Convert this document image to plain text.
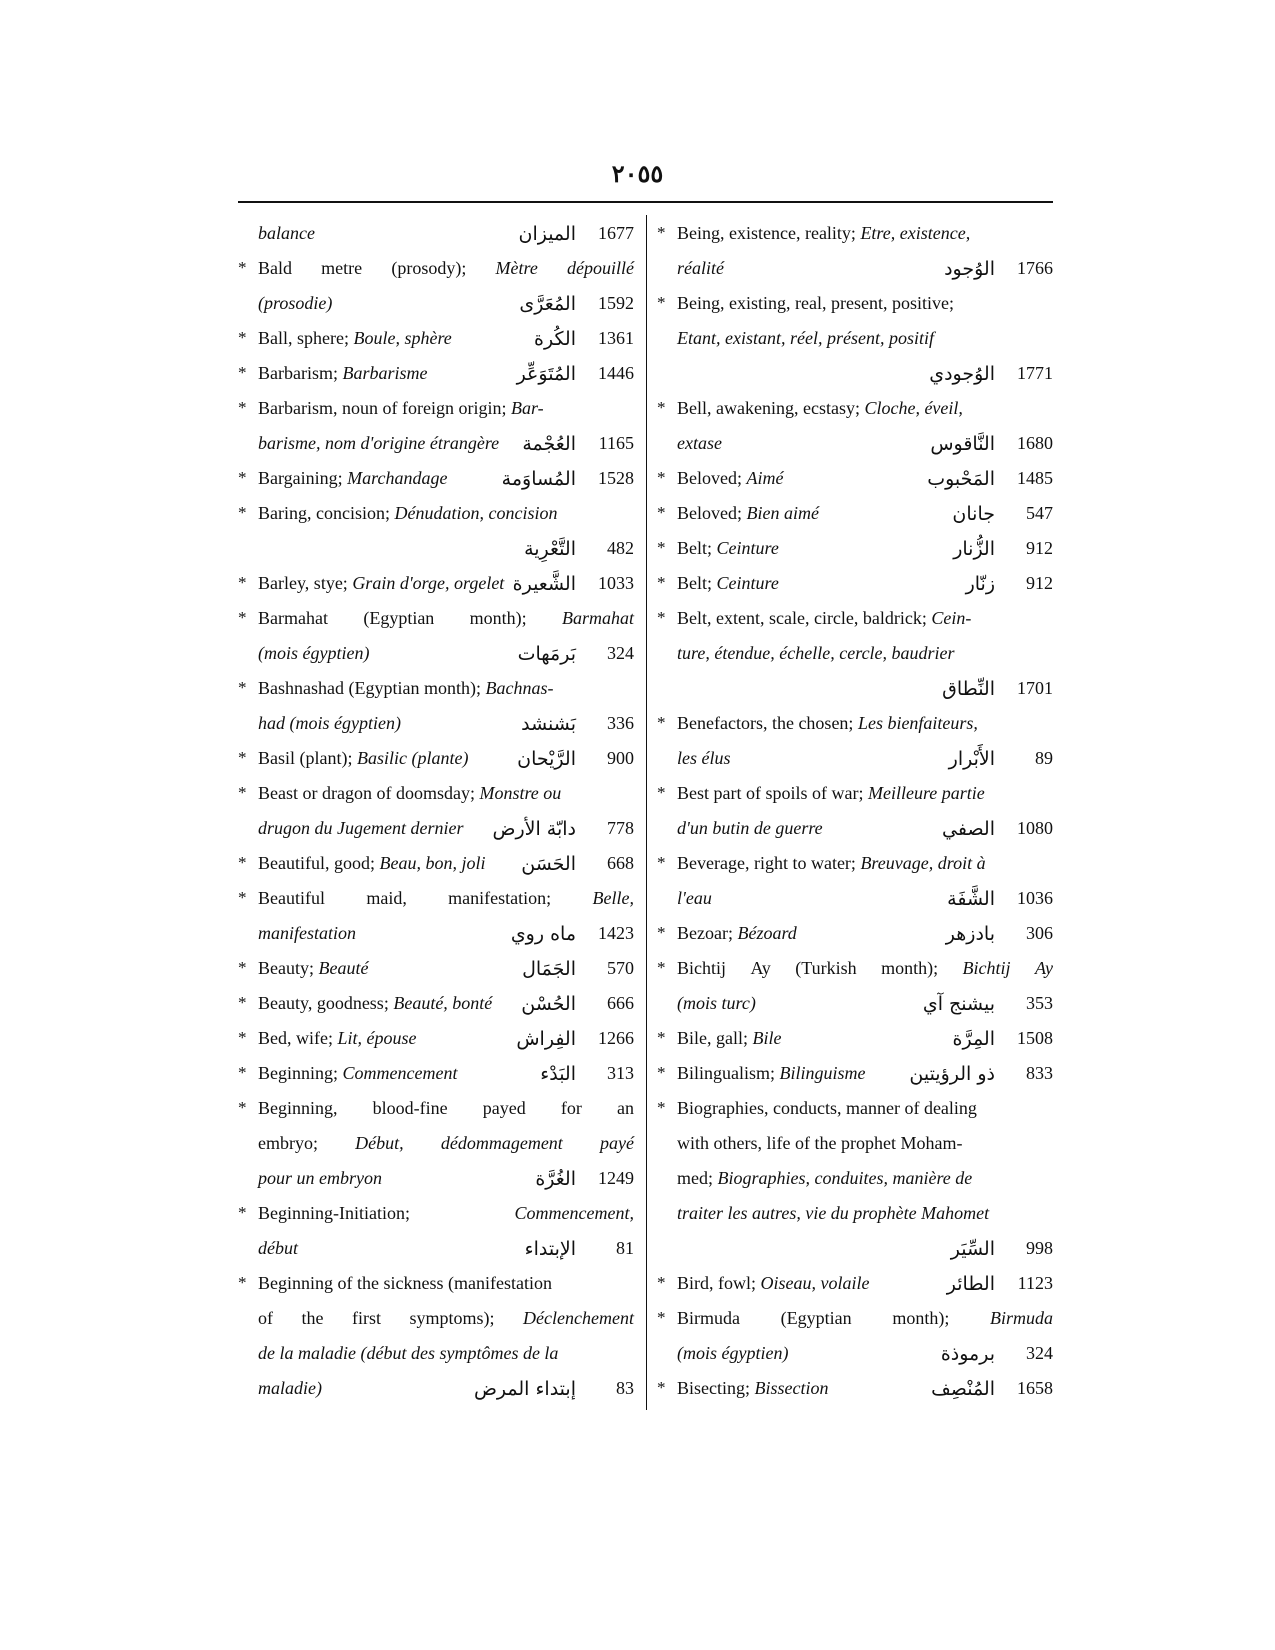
٢٠٥٥
balance	الميزان	1677
* Bald metre (prosody); Mètre dépouillé
(prosodie)	المُعَرَّى	1592
* Ball, sphere; Boule, sphère	الكُرة	1361
* Barbarism; Barbarisme	المُتَوَعِّر	1446
* Barbarism, noun of foreign origin; Bar-
barisme, nom d'origine étrangère العُجْمة	1165
* Bargaining; Marchandage	المُساوَمة	1528
* Baring, concision; Dénudation, concision
التَّعْرِية	482
* Barley, stye; Grain d'orge, orgelet الشَّعيرة	1033
* Barmahat (Egyptian month); Barmahat
(mois égyptien)	بَرمَهات	324
* Bashnashad (Egyptian month); Bachnas-
had (mois égyptien)	بَشنشد	336
* Basil (plant); Basilic (plante)	الرَّيْحان	900
* Beast or dragon of doomsday; Monstre ou
drugon du Jugement dernier دابّة الأرض	778
* Beautiful, good; Beau, bon, joli الحَسَن	668
* Beautiful maid, manifestation; Belle,
manifestation	ماه روي	1423
* Beauty; Beauté	الجَمَال	570
* Beauty, goodness; Beauté, bonté الحُسْن	666
* Bed, wife; Lit, épouse	الفِراش	1266
* Beginning; Commencement	البَدْء	313
* Beginning, blood-fine payed for an
embryo; Début, dédommagement payé
pour un embryon	الغُرَّة	1249
* Beginning-Initiation;	Commencement,
début	الإبتداء	81
* Beginning of the sickness (manifestation
of the first symptoms); Déclenchement
de la maladie (début des symptômes de la
maladie)	إبتداء المرض	83
* Being, existence, reality; Etre, existence,
réalité	الوُجود	1766
* Being, existing, real, present, positive;
Etant, existant, réel, présent, positif
الوُجودي	1771
* Bell, awakening, ecstasy; Cloche, éveil,
extase	النَّاقوس	1680
* Beloved; Aimé	المَحْبوب	1485
* Beloved; Bien aimé	جانان	547
* Belt; Ceinture	الزُّنار	912
* Belt; Ceinture	زنّار	912
* Belt, extent, scale, circle, baldrick; Cein-
ture, étendue, échelle, cercle, baudrier
النِّطاق	1701
* Benefactors, the chosen; Les bienfaiteurs,
les élus	الأَبْرار	89
* Best part of spoils of war; Meilleure partie
d'un butin de guerre	الصفي	1080
* Beverage, right to water; Breuvage, droit à
l'eau	الشَّفَة	1036
* Bezoar; Bézoard	بادزهر	306
* Bichtij Ay (Turkish month); Bichtij Ay
(mois turc)	بيشنج آي	353
* Bile, gall; Bile	المِرَّة	1508
* Bilingualism; Bilinguisme ذو الرؤيتين	833
* Biographies, conducts, manner of dealing
with others, life of the prophet Moham-
med; Biographies, conduites, manière de
traiter les autres, vie du prophète Mahomet
السِّيَر	998
* Bird, fowl; Oiseau, volaile	الطائر	1123
* Birmuda (Egyptian month); Birmuda
(mois égyptien)	برموذة	324
* Bisecting; Bissection	المُنْصِف	1658
